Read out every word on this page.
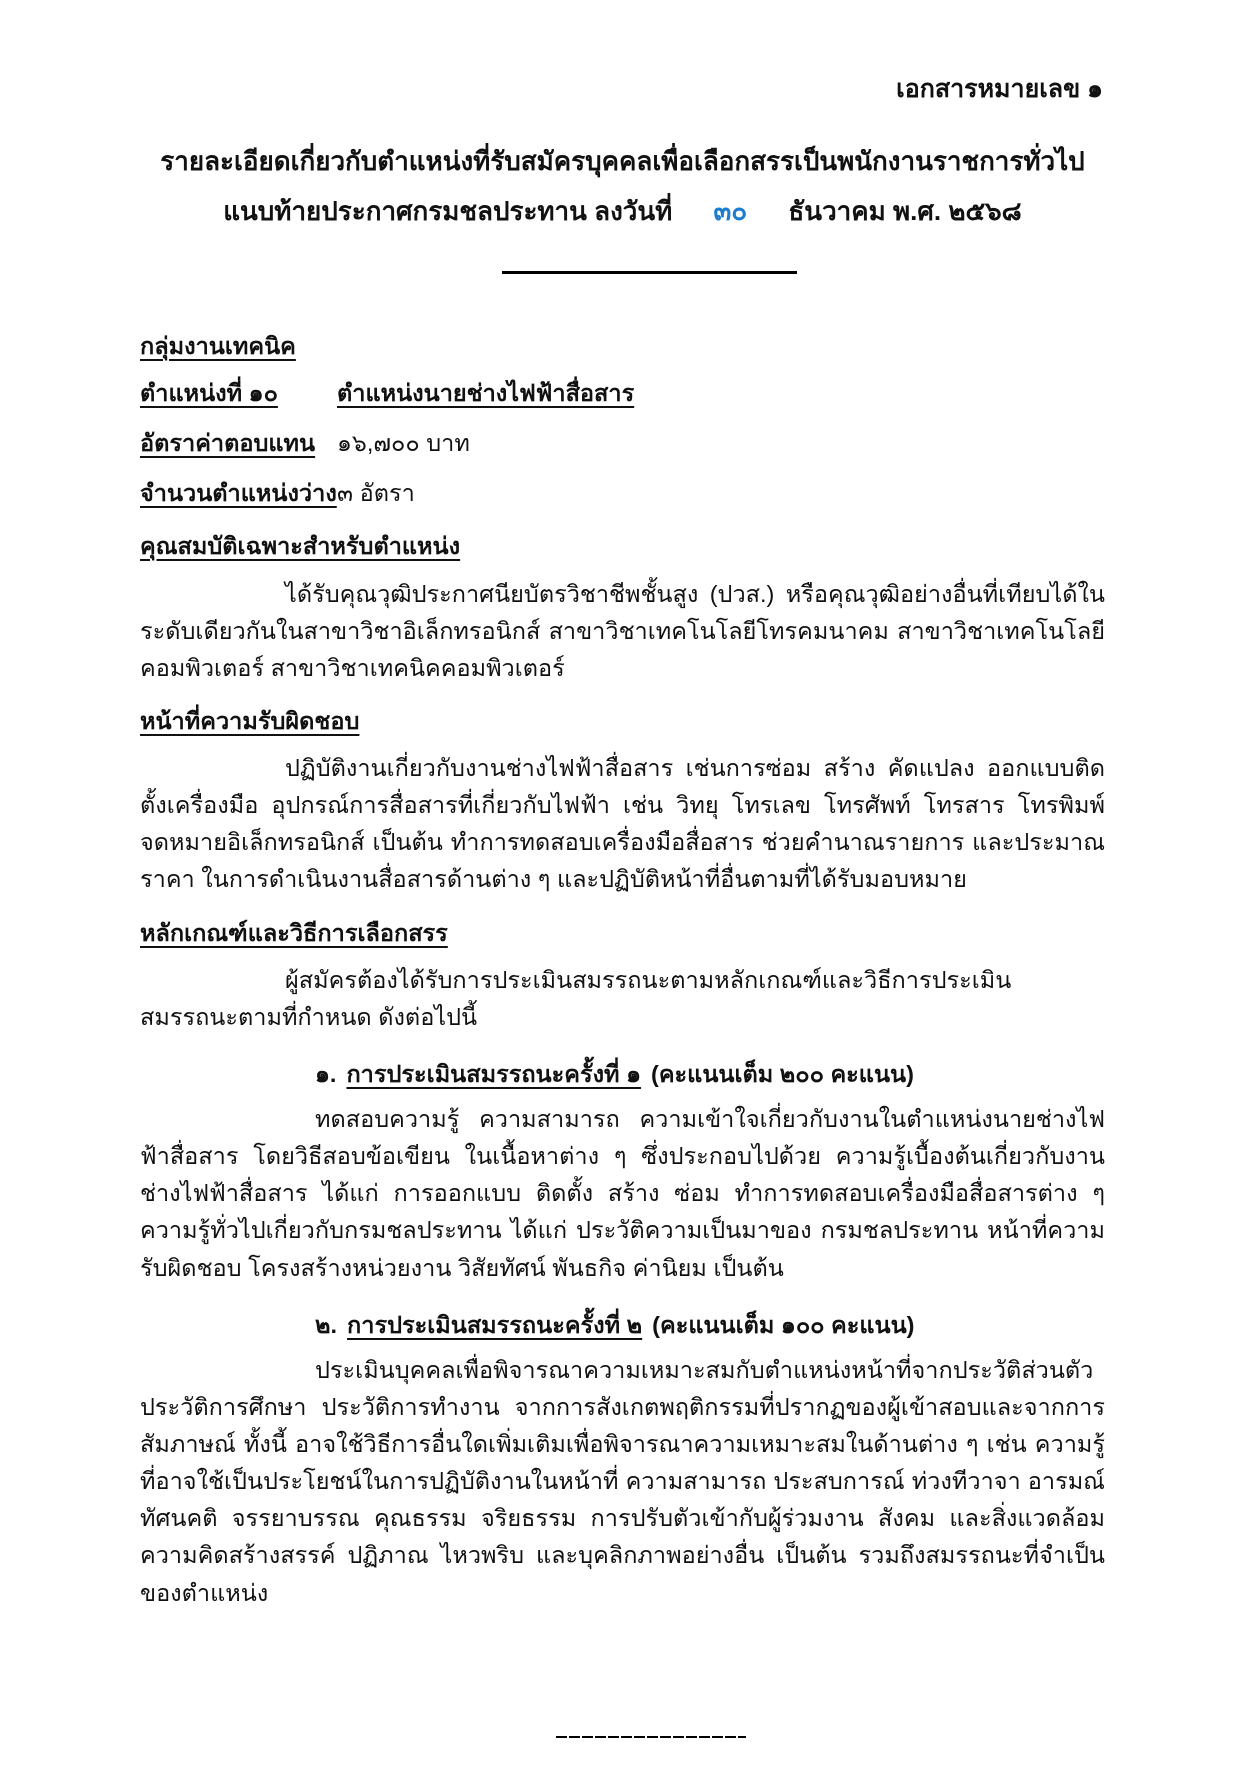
เอกสารหมายเลข ๑
รายละเอียดเกี่ยวกับตำแหน่งที่รับสมัครบุคคลเพื่อเลือกสรรเป็นพนักงานราชการทั่วไป
แนบท้ายประกาศกรมชลประทาน ลงวันที่ ๓๐ ธันวาคม พ.ศ. ๒๕๖๘
กลุ่มงานเทคนิค
ตำแหน่งที่ ๑๐	ตำแหน่งนายช่างไฟฟ้าสื่อสาร
อัตราค่าตอบแทน ๑๖,๗๐๐ บาท
จำนวนตำแหน่งว่าง ๓ อัตรา
คุณสมบัติเฉพาะสำหรับตำแหน่ง

ได้รับคุณวุฒิประกาศนียบัตรวิชาชีพชั้นสูง (ปวส.) หรือคุณวุฒิอย่างอื่นที่เทียบได้ในระดับเดียวกันในสาขาวิชาอิเล็กทรอนิกส์ สาขาวิชาเทคโนโลยีโทรคมนาคม สาขาวิชาเทคโนโลยีคอมพิวเตอร์ สาขาวิชาเทคนิคคอมพิวเตอร์

หน้าที่ความรับผิดชอบ

ปฏิบัติงานเกี่ยวกับงานช่างไฟฟ้าสื่อสาร เช่นการซ่อม สร้าง คัดแปลง ออกแบบติดตั้งเครื่องมือ อุปกรณ์การสื่อสารที่เกี่ยวกับไฟฟ้า เช่น วิทยุ โทรเลข โทรศัพท์ โทรสาร โทรพิมพ์ จดหมายอิเล็กทรอนิกส์ เป็นต้น ทำการทดสอบเครื่องมือสื่อสาร ช่วยคำนาณรายการ และประมาณราคา ในการดำเนินงานสื่อสารด้านต่าง ๆ และปฏิบัติหน้าที่อื่นตามที่ได้รับมอบหมาย

หลักเกณฑ์และวิธีการเลือกสรร

ผู้สมัครต้องได้รับการประเมินสมรรถนะตามหลักเกณฑ์และวิธีการประเมินสมรรถนะตามที่กำหนด ดังต่อไปนี้

๑. การประเมินสมรรถนะครั้งที่ ๑ (คะแนนเต็ม ๒๐๐ คะแนน)

ทดสอบความรู้ ความสามารถ ความเข้าใจเกี่ยวกับงานในตำแหน่งนายช่างไฟฟ้าสื่อสาร โดยวิธีสอบข้อเขียน ในเนื้อหาต่าง ๆ ซึ่งประกอบไปด้วย ความรู้เบื้องต้นเกี่ยวกับงานช่างไฟฟ้าสื่อสาร ได้แก่ การออกแบบ ติดตั้ง สร้าง ซ่อม ทำการทดสอบเครื่องมือสื่อสารต่าง ๆ ความรู้ทั่วไปเกี่ยวกับกรมชลประทาน ได้แก่ ประวัติความเป็นมาของ กรมชลประทาน หน้าที่ความรับผิดชอบ โครงสร้างหน่วยงาน วิสัยทัศน์ พันธกิจ ค่านิยม เป็นต้น

๒. การประเมินสมรรถนะครั้งที่ ๒ (คะแนนเต็ม ๑๐๐ คะแนน)

ประเมินบุคคลเพื่อพิจารณาความเหมาะสมกับตำแหน่งหน้าที่จากประวัติส่วนตัว ประวัติการศึกษา ประวัติการทำงาน จากการสังเกตพฤติกรรมที่ปรากฏของผู้เข้าสอบและจากการสัมภาษณ์ ทั้งนี้ อาจใช้วิธีการอื่นใดเพิ่มเติมเพื่อพิจารณาความเหมาะสมในด้านต่าง ๆ เช่น ความรู้ที่อาจใช้เป็นประโยชน์ในการปฏิบัติงานในหน้าที่ ความสามารถ ประสบการณ์ ท่วงทีวาจา อารมณ์ ทัศนคติ จรรยาบรรณ คุณธรรม จริยธรรม การปรับตัวเข้ากับผู้ร่วมงาน สังคม และสิ่งแวดล้อม ความคิดสร้างสรรค์ ปฏิภาณ ไหวพริบ และบุคลิกภาพอย่างอื่น เป็นต้น รวมถึงสมรรถนะที่จำเป็นของตำแหน่ง
